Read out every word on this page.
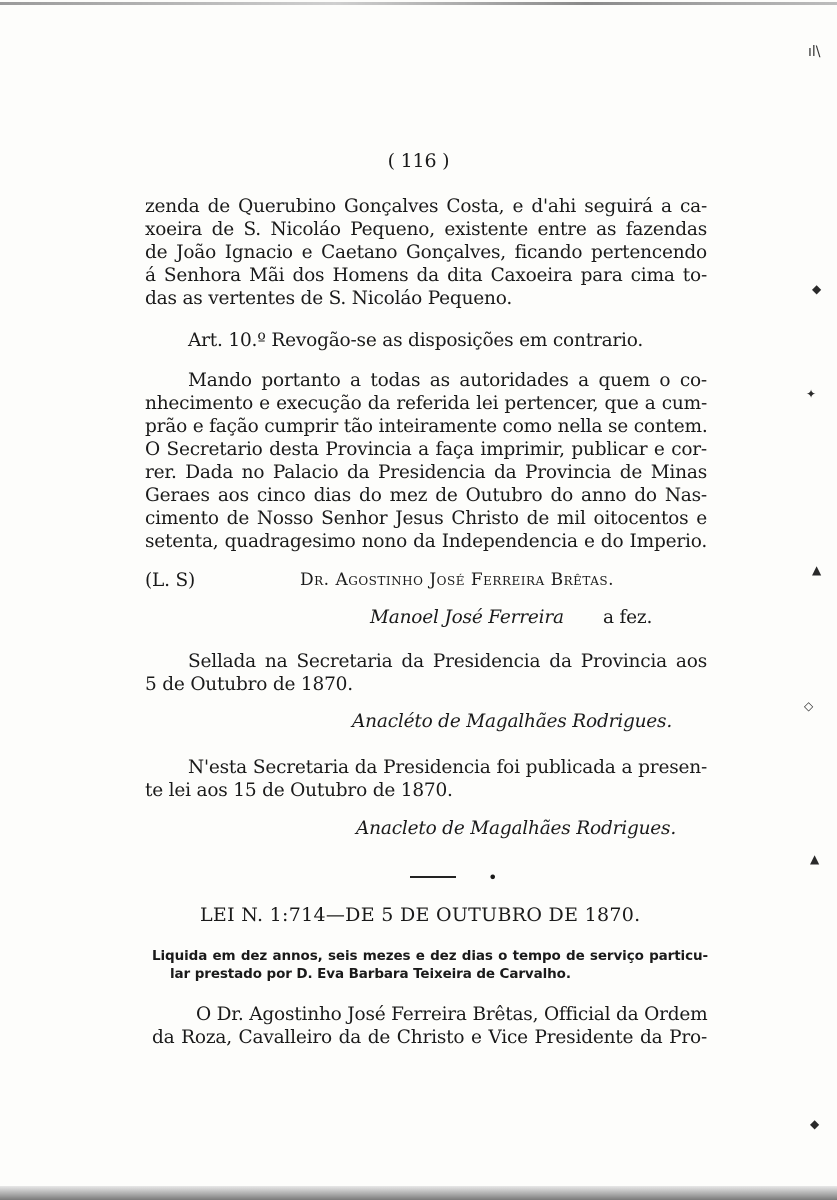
ıl\
◆
✦
▲
◇
▲
◆
( 116 )
zenda de Querubino Gonçalves Costa, e d'ahi seguirá a ca-
xoeira de S. Nicoláo Pequeno, existente entre as fazendas
de João Ignacio e Caetano Gonçalves, ficando pertencendo
á Senhora Mãi dos Homens da dita Caxoeira para cima to-
das as vertentes de S. Nicoláo Pequeno.
Art. 10.º Revogão-se as disposições em contrario.
Mando portanto a todas as autoridades a quem o co-
nhecimento e execução da referida lei pertencer, que a cum-
prão e fação cumprir tão inteiramente como nella se contem.
O Secretario desta Provincia a faça imprimir, publicar e cor-
rer. Dada no Palacio da Presidencia da Provincia de Minas
Geraes aos cinco dias do mez de Outubro do anno do Nas-
cimento de Nosso Senhor Jesus Christo de mil oitocentos e
setenta, quadragesimo nono da Independencia e do Imperio.
(L. S)	Dr. Agostinho José Ferreira Brêtas.
Manoel José Ferreira a fez.
Sellada na Secretaria da Presidencia da Provincia aos
5 de Outubro de 1870.
Anacléto de Magalhães Rodrigues.
N'esta Secretaria da Presidencia foi publicada a presen-
te lei aos 15 de Outubro de 1870.
Anacleto de Magalhães Rodrigues.
•
LEI N. 1:714—DE 5 DE OUTUBRO DE 1870.
Liquida em dez annos, seis mezes e dez dias o tempo de serviço particu-
lar prestado por D. Eva Barbara Teixeira de Carvalho.
O Dr. Agostinho José Ferreira Brêtas, Official da Ordem
da Roza, Cavalleiro da de Christo e Vice Presidente da Pro-
